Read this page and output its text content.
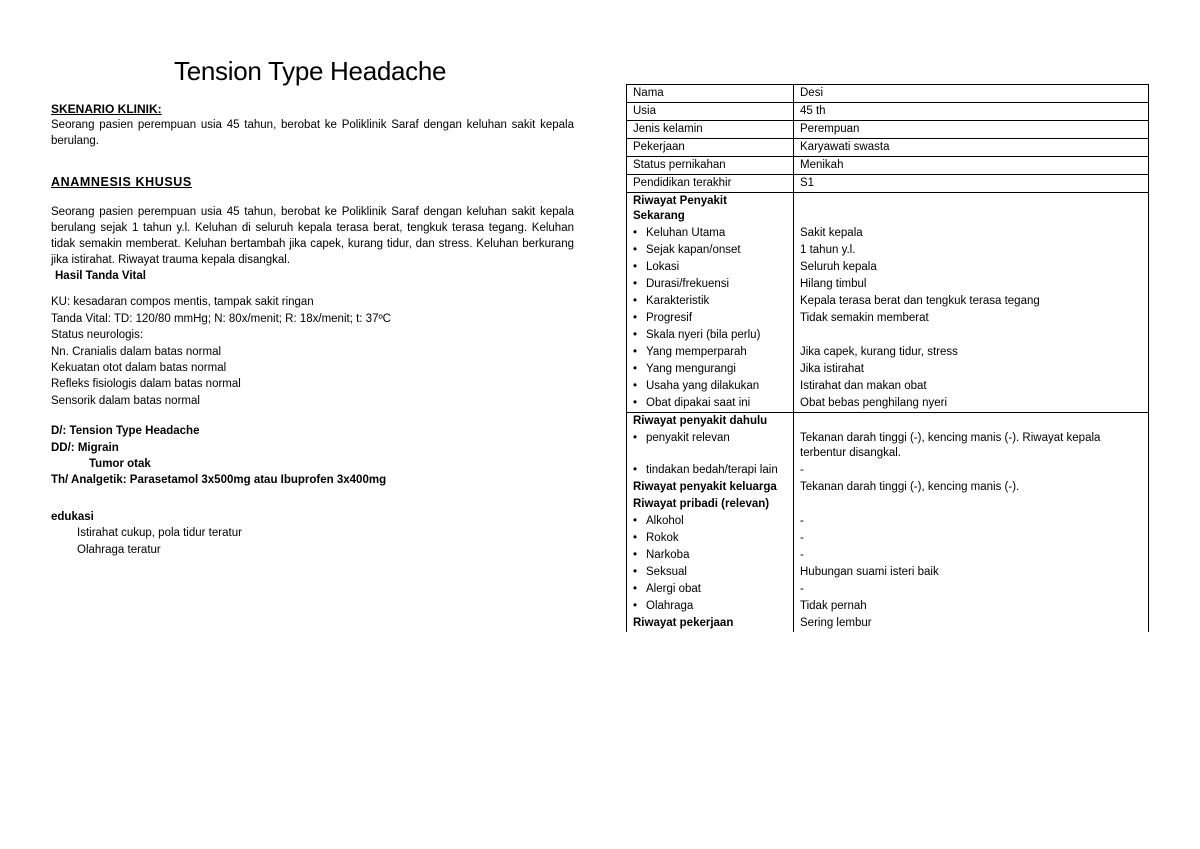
Tension Type Headache
SKENARIO KLINIK:

Seorang pasien perempuan usia 45 tahun, berobat ke Poliklinik Saraf dengan keluhan sakit kepala berulang.

ANAMNESIS KHUSUS

Seorang pasien perempuan usia 45 tahun, berobat ke Poliklinik Saraf dengan keluhan sakit kepala berulang sejak 1 tahun y.l. Keluhan di seluruh kepala terasa berat, tengkuk terasa tegang. Keluhan tidak semakin memberat. Keluhan bertambah jika capek, kurang tidur, dan stress. Keluhan berkurang jika istirahat. Riwayat trauma kepala disangkal.

Hasil Tanda Vital
KU: kesadaran compos mentis, tampak sakit ringan
Tanda Vital: TD: 120/80 mmHg; N: 80x/menit; R: 18x/menit; t: 37ºC
Status neurologis:
Nn. Cranialis dalam batas normal
Kekuatan otot dalam batas normal
Refleks fisiologis dalam batas normal
Sensorik dalam batas normal
D/: Tension Type Headache
DD/: Migrain
Tumor otak
Th/ Analgetik: Parasetamol 3x500mg atau Ibuprofen 3x400mg
edukasi
Istirahat cukup, pola tidur teratur
Olahraga teratur
Nama	Desi
Usia	45 th
Jenis kelamin	Perempuan
Pekerjaan	Karyawati swasta
Status pernikahan	Menikah
Pendidikan terakhir	S1
Riwayat Penyakit
Sekarang	
• Keluhan Utama	Sakit kepala
• Sejak kapan/onset	1 tahun y.l.
• Lokasi	Seluruh kepala
• Durasi/frekuensi	Hilang timbul
• Karakteristik	Kepala terasa berat dan tengkuk terasa tegang
• Progresif	Tidak semakin memberat
• Skala nyeri (bila perlu)	
• Yang memperparah	Jika capek, kurang tidur, stress
• Yang mengurangi	Jika istirahat
• Usaha yang dilakukan	Istirahat dan makan obat
• Obat dipakai saat ini	Obat bebas penghilang nyeri
Riwayat penyakit dahulu	
• penyakit relevan	Tekanan darah tinggi (-), kencing manis (-). Riwayat kepala terbentur disangkal.
• tindakan bedah/terapi lain	-
Riwayat penyakit keluarga	Tekanan darah tinggi (-), kencing manis (-).
Riwayat pribadi (relevan)	
• Alkohol	-
• Rokok	-
• Narkoba	-
• Seksual	Hubungan suami isteri baik
• Alergi obat	-
• Olahraga	Tidak pernah
Riwayat pekerjaan	Sering lembur
